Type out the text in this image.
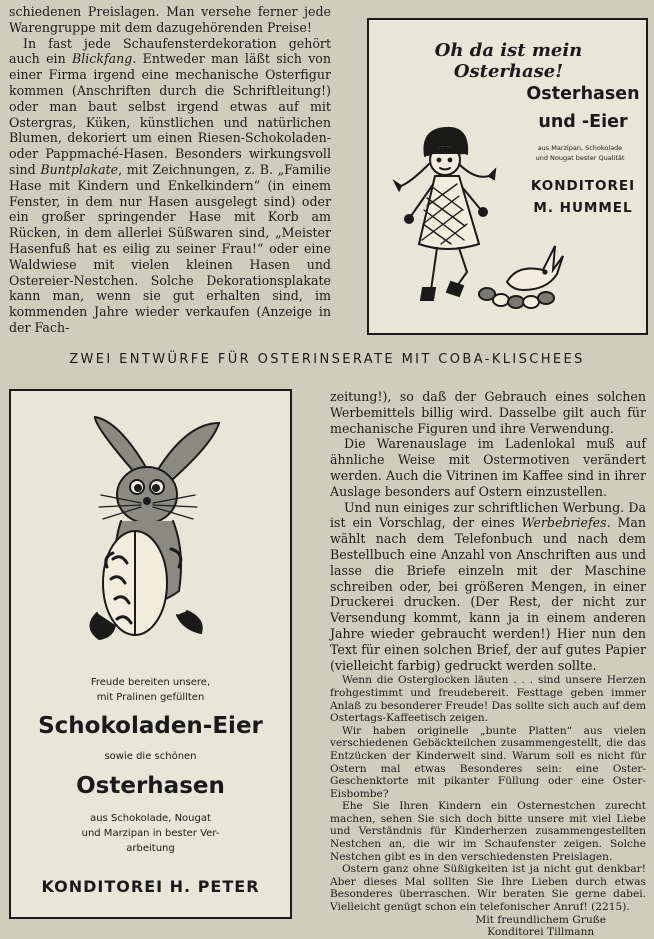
schiedenen Preislagen. Man versehe ferner jede Warengruppe mit dem dazugehörenden Preise!

In fast jede Schaufensterdekoration gehört auch ein Blickfang. Entweder man läßt sich von einer Firma irgend eine mechanische Osterfigur kommen (Anschriften durch die Schriftleitung!) oder man baut selbst irgend etwas auf mit Ostergras, Küken, künstlichen und natürlichen Blumen, dekoriert um einen Riesen-Schokoladen- oder Pappmaché-Hasen. Besonders wirkungsvoll sind Buntplakate, mit Zeichnungen, z. B. „Familie Hase mit Kindern und Enkelkindern“ (in einem Fenster, in dem nur Hasen ausgelegt sind) oder ein großer springender Hase mit Korb am Rücken, in dem allerlei Süßwaren sind, „Meister Hasenfuß hat es eilig zu seiner Frau!“ oder eine Waldwiese mit vielen kleinen Hasen und Ostereier-Nestchen. Solche Dekorationsplakate kann man, wenn sie gut erhalten sind, im kommenden Jahre wieder verkaufen (Anzeige in der Fach-

Oh da ist mein Osterhase!
Osterhasen
und -Eier
aus Marzipan, Schokolade
und Nougat bester Qualität
KONDITOREI
M. HUMMEL
ZWEI ENTWÜRFE FÜR OSTERINSERATE MIT COBA-KLISCHEES
Freude bereiten unsere,
mit Pralinen gefüllten
Schokoladen-Eier
sowie die schönen
Osterhasen
aus Schokolade, Nougat
und Marzipan in bester Ver-
arbeitung
KONDITOREI H. PETER

zeitung!), so daß der Gebrauch eines solchen Werbemittels billig wird. Dasselbe gilt auch für mechanische Figuren und ihre Verwendung.

Die Warenauslage im Ladenlokal muß auf ähnliche Weise mit Ostermotiven verändert werden. Auch die Vitrinen im Kaffee sind in ihrer Auslage besonders auf Ostern einzustellen.

Und nun einiges zur schriftlichen Werbung. Da ist ein Vorschlag, der eines Werbebriefes. Man wählt nach dem Telefonbuch und nach dem Bestellbuch eine Anzahl von Anschriften aus und lasse die Briefe einzeln mit der Maschine schreiben oder, bei größeren Mengen, in einer Druckerei drucken. (Der Rest, der nicht zur Versendung kommt, kann ja in einem anderen Jahre wieder gebraucht werden!) Hier nun den Text für einen solchen Brief, der auf gutes Papier (vielleicht farbig) gedruckt werden sollte.

Wenn die Osterglocken läuten . . . sind unsere Herzen frohgestimmt und freudebereit. Festtage geben immer Anlaß zu besonderer Freude! Das sollte sich auch auf dem Ostertags-Kaffeetisch zeigen.

Wir haben originelle „bunte Platten“ aus vielen verschiedenen Gebäckteilchen zusammengestellt, die das Entzücken der Kinderwelt sind. Warum soll es nicht für Ostern mal etwas Besonderes sein: eine Oster-Geschenktorte mit pikanter Füllung oder eine Oster-Eisbombe?

Ehe Sie Ihren Kindern ein Osternestchen zurecht machen, sehen Sie sich doch bitte unsere mit viel Liebe und Verständnis für Kinderherzen zusammengestellten Nestchen an, die wir im Schaufenster zeigen. Solche Nestchen gibt es in den verschiedensten Preislagen.

Ostern ganz ohne Süßigkeiten ist ja nicht gut denkbar! Aber dieses Mal sollten Sie Ihre Lieben durch etwas Besonderes überraschen. Wir beraten Sie gerne dabei. Vielleicht genügt schon ein telefonischer Anruf! (2215).

Mit freundlichem Gruße
Konditorei Tillmann
